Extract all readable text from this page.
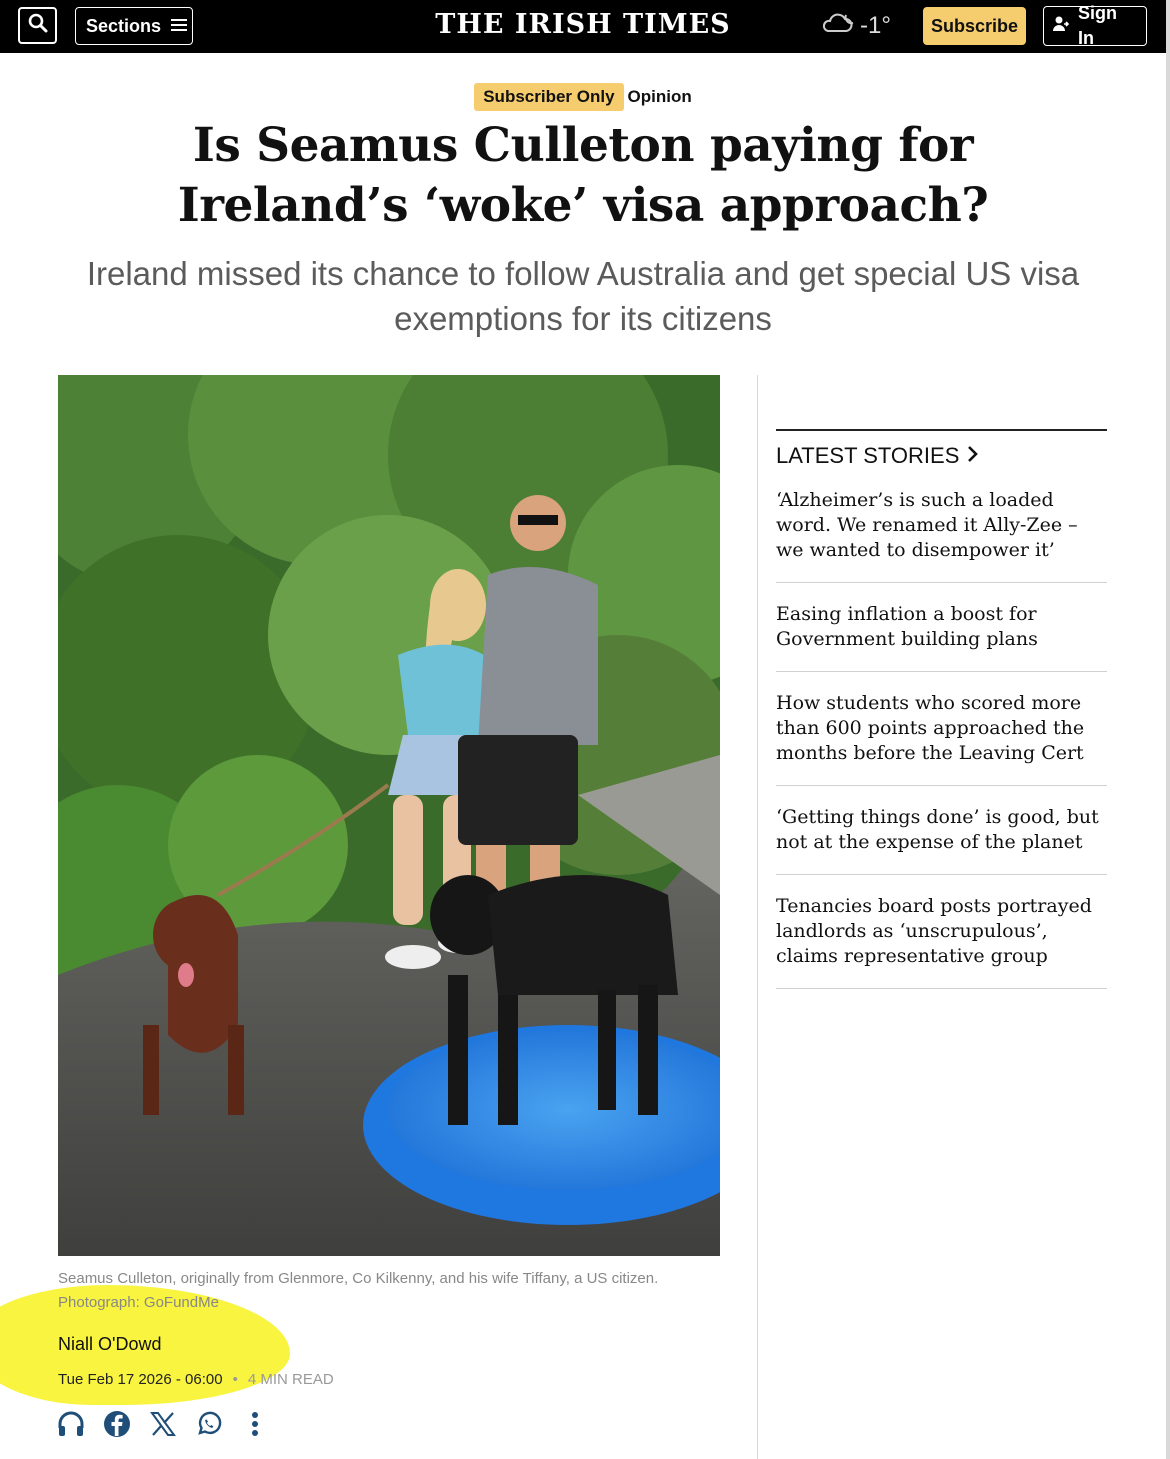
Sections	THE IRISH TIMES	-1°	Subscribe
Sign In
Subscriber Only Opinion
Is Seamus Culleton paying for Ireland’s ‘woke’ visa approach?

Ireland missed its chance to follow Australia and get special US visa exemptions for its citizens

Seamus Culleton, originally from Glenmore, Co Kilkenny, and his wife Tiffany, a US citizen. Photograph: GoFundMe

Niall O'Dowd
Tue Feb 17 2026 - 06:00 • 4 MIN READ
LATEST STORIES
‘Alzheimer’s is such a loaded word. We renamed it Ally-Zee – we wanted to disempower it’
Easing inflation a boost for Government building plans
How students who scored more than 600 points approached the months before the Leaving Cert
‘Getting things done’ is good, but not at the expense of the planet
Tenancies board posts portrayed landlords as ‘unscrupulous’, claims representative group
